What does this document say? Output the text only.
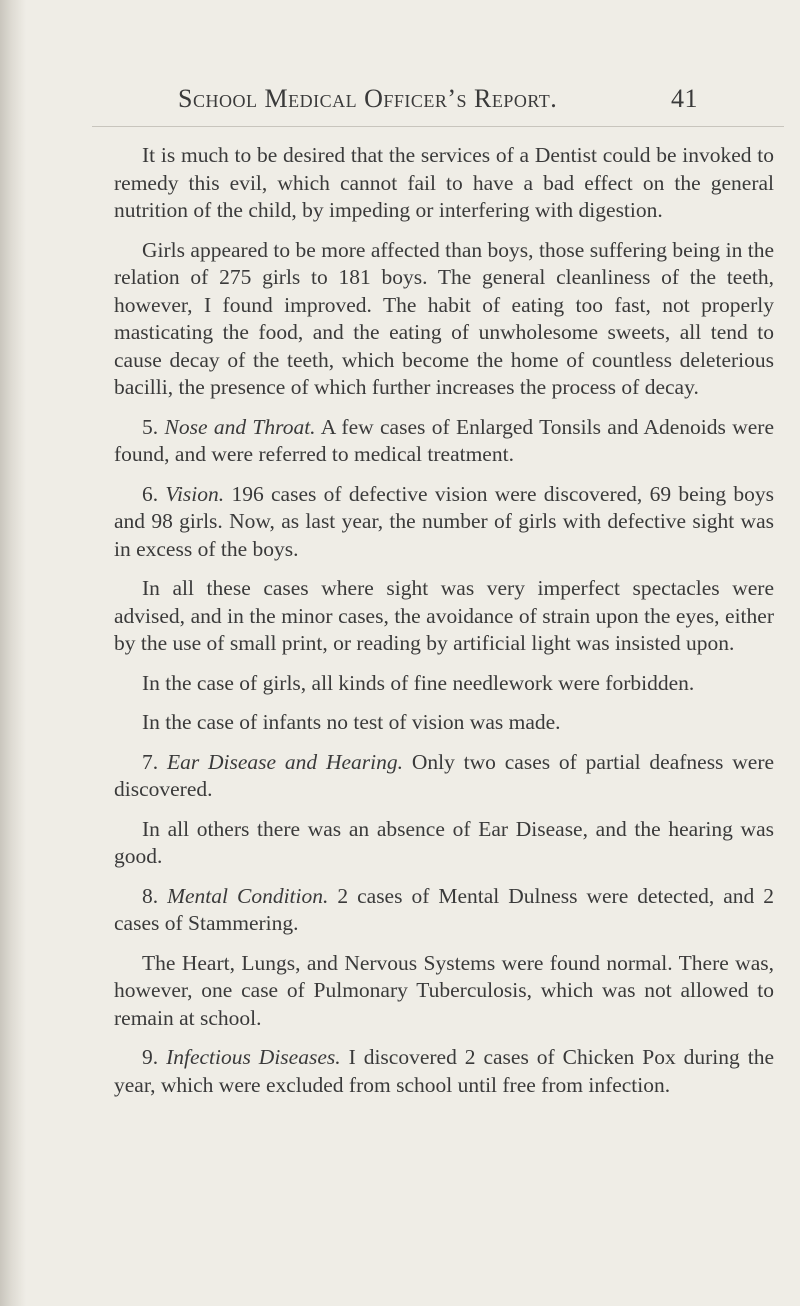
School Medical Officer’s Report.	41

It is much to be desired that the services of a Dentist could be invoked to remedy this evil, which cannot fail to have a bad effect on the general nutrition of the child, by impeding or interfering with digestion.

Girls appeared to be more affected than boys, those suffering being in the relation of 275 girls to 181 boys. The general cleanliness of the teeth, however, I found improved. The habit of eating too fast, not properly masticating the food, and the eating of unwholesome sweets, all tend to cause decay of the teeth, which become the home of countless deleterious bacilli, the presence of which further increases the process of decay.

5. Nose and Throat. A few cases of Enlarged Tonsils and Adenoids were found, and were referred to medical treatment.

6. Vision. 196 cases of defective vision were discovered, 69 being boys and 98 girls. Now, as last year, the number of girls with defective sight was in excess of the boys.

In all these cases where sight was very imperfect spectacles were advised, and in the minor cases, the avoidance of strain upon the eyes, either by the use of small print, or reading by artificial light was insisted upon.

In the case of girls, all kinds of fine needlework were forbidden.

In the case of infants no test of vision was made.

7. Ear Disease and Hearing. Only two cases of partial deafness were discovered.

In all others there was an absence of Ear Disease, and the hearing was good.

8. Mental Condition. 2 cases of Mental Dulness were detected, and 2 cases of Stammering.

The Heart, Lungs, and Nervous Systems were found normal. There was, however, one case of Pulmonary Tuberculosis, which was not allowed to remain at school.

9. Infectious Diseases. I discovered 2 cases of Chicken Pox during the year, which were excluded from school until free from infection.
